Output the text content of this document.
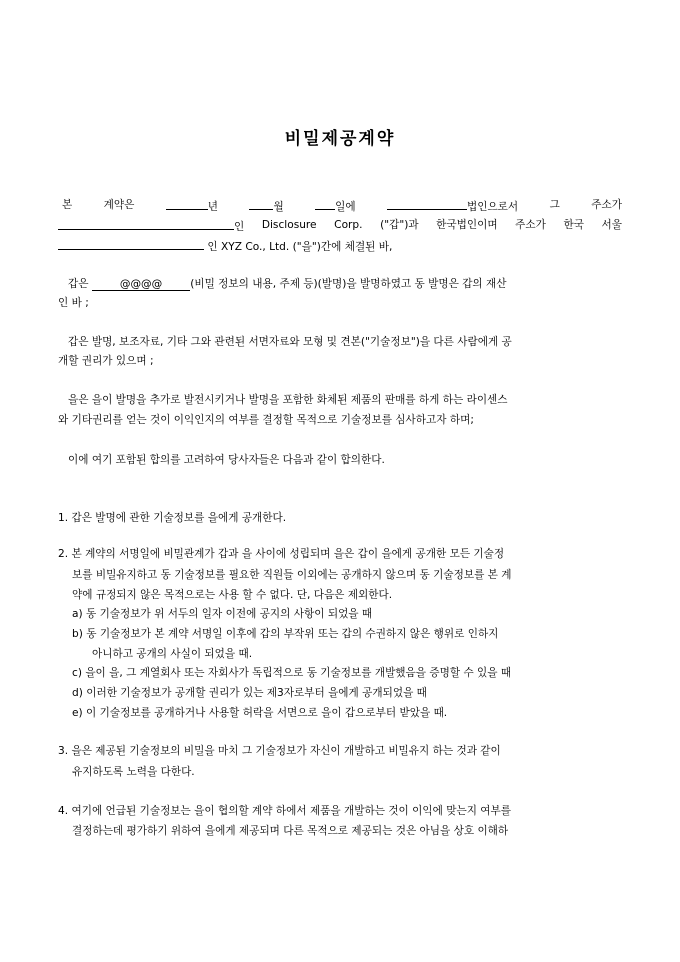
비밀제공계약
본	계약은	년	월	일에	법인으로서	그	주소가
인 Disclosure Corp. ("갑")과 한국법인이며 주소가 한국 서울
인 XYZ Co., Ltd. ("을")간에 체결된 바,
갑은	@@@@	(비밀 정보의 내용, 주제 등)(발명)을 발명하였고 동 발명은 갑의 재산
인 바 ;
갑은 발명, 보조자료, 기타 그와 관련된 서면자료와 모형 및 견본("기술정보")을 다른 사람에게 공
개할 권리가 있으며 ;
을은 을이 발명을 추가로 발전시키거나 발명을 포함한 화체된 제품의 판매를 하게 하는 라이센스
와 기타권리를 얻는 것이 이익인지의 여부를 결정할 목적으로 기술정보를 심사하고자 하며;
이에 여기 포함된 합의를 고려하여 당사자들은 다음과 같이 합의한다.
1. 갑은 발명에 관한 기술정보를 을에게 공개한다.
2. 본 계약의 서명일에 비밀관계가 갑과 을 사이에 성립되며 을은 갑이 을에게 공개한 모든 기술정
보를 비밀유지하고 동 기술정보를 필요한 직원들 이외에는 공개하지 않으며 동 기술정보를 본 계
약에 규정되지 않은 목적으로는 사용 할 수 없다. 단, 다음은 제외한다.
a) 동 기술정보가 위 서두의 일자 이전에 공지의 사항이 되었을 때
b) 동 기술정보가 본 계약 서명일 이후에 갑의 부작위 또는 갑의 수권하지 않은 행위로 인하지
아니하고 공개의 사실이 되었을 때.
c) 을이 을, 그 계열회사 또는 자회사가 독립적으로 동 기술정보를 개발했음을 증명할 수 있을 때
d) 이러한 기술정보가 공개할 권리가 있는 제3자로부터 을에게 공개되었을 때
e) 이 기술정보를 공개하거나 사용할 허락을 서면으로 을이 갑으로부터 받았을 때.
3. 을은 제공된 기술정보의 비밀을 마치 그 기술정보가 자신이 개발하고 비밀유지 하는 것과 같이
유지하도록 노력을 다한다.
4. 여기에 언급된 기술정보는 을이 협의할 계약 하에서 제품을 개발하는 것이 이익에 맞는지 여부를
결정하는데 평가하기 위하여 을에게 제공되며 다른 목적으로 제공되는 것은 아님을 상호 이해하
